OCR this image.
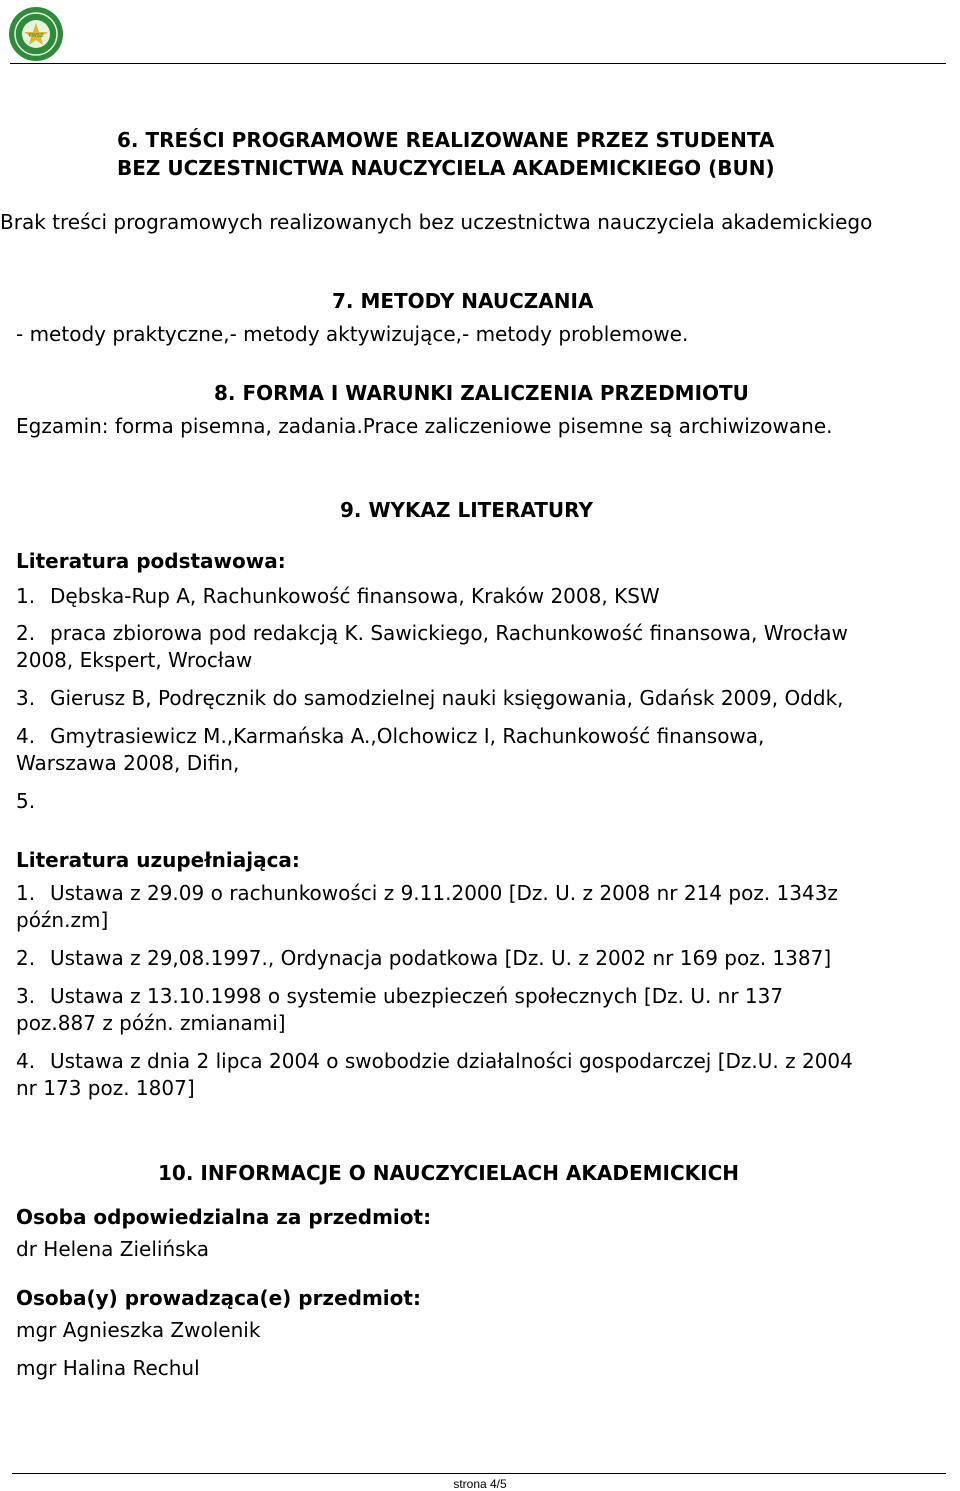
PWSZ
6. TREŚCI PROGRAMOWE REALIZOWANE PRZEZ STUDENTA
BEZ UCZESTNICTWA NAUCZYCIELA AKADEMICKIEGO (BUN)
Brak treści programowych realizowanych bez uczestnictwa nauczyciela akademickiego
7. METODY NAUCZANIA
- metody praktyczne,- metody aktywizujące,- metody problemowe.
8. FORMA I WARUNKI ZALICZENIA PRZEDMIOTU
Egzamin: forma pisemna, zadania.Prace zaliczeniowe pisemne są archiwizowane.
9. WYKAZ LITERATURY
Literatura podstawowa:
1. Dębska-Rup A, Rachunkowość finansowa, Kraków 2008, KSW
2. praca zbiorowa pod redakcją K. Sawickiego, Rachunkowość finansowa, Wrocław
2008, Ekspert, Wrocław
3. Gierusz B, Podręcznik do samodzielnej nauki księgowania, Gdańsk 2009, Oddk,
4. Gmytrasiewicz M.,Karmańska A.,Olchowicz I, Rachunkowość finansowa,
Warszawa 2008, Difin,
5.
Literatura uzupełniająca:
1. Ustawa z 29.09 o rachunkowości z 9.11.2000 [Dz. U. z 2008 nr 214 poz. 1343z
późn.zm]
2. Ustawa z 29,08.1997., Ordynacja podatkowa [Dz. U. z 2002 nr 169 poz. 1387]
3. Ustawa z 13.10.1998 o systemie ubezpieczeń społecznych [Dz. U. nr 137
poz.887 z późn. zmianami]
4. Ustawa z dnia 2 lipca 2004 o swobodzie działalności gospodarczej [Dz.U. z 2004
nr 173 poz. 1807]
10. INFORMACJE O NAUCZYCIELACH AKADEMICKICH
Osoba odpowiedzialna za przedmiot:
dr Helena Zielińska
Osoba(y) prowadząca(e) przedmiot:
mgr Agnieszka Zwolenik
mgr Halina Rechul
strona 4/5
